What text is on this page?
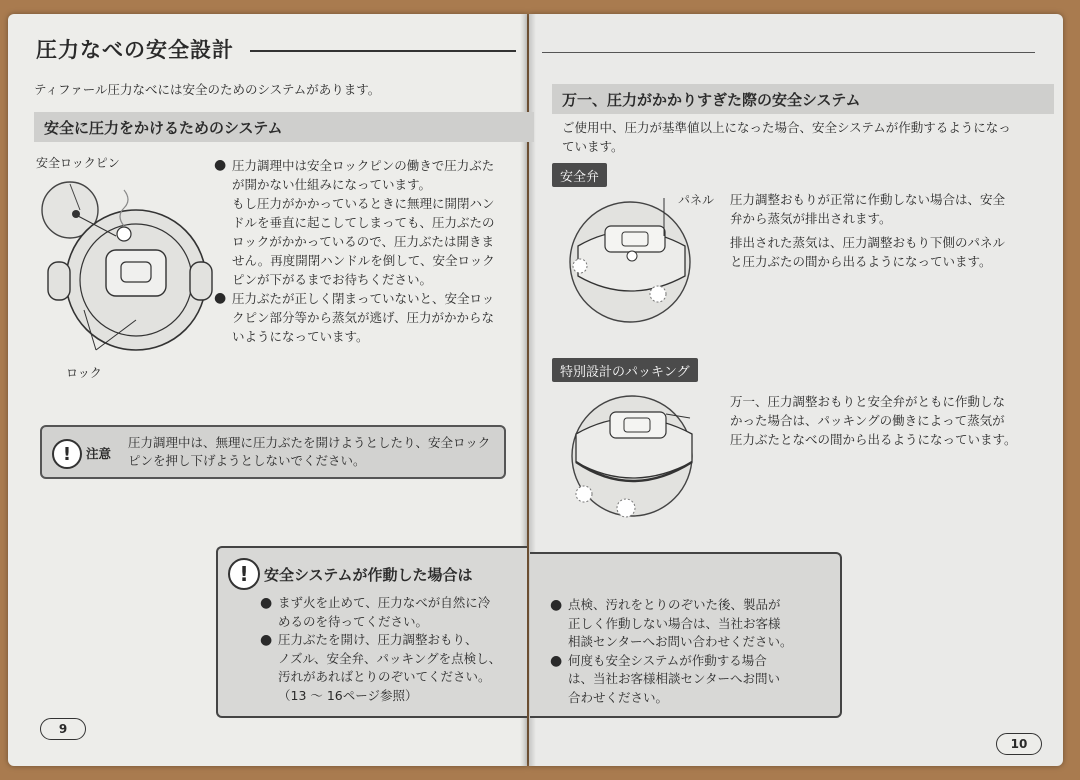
圧力なべの安全設計
ティファール圧力なべには安全のためのシステムがあります。
安全に圧力をかけるためのシステム
安全ロックピン
ロック
● 圧力調理中は安全ロックピンの働きで圧力ぶた
が開かない仕組みになっています。
もし圧力がかかっているときに無理に開閉ハン
ドルを垂直に起こしてしまっても、圧力ぶたの
ロックがかかっているので、圧力ぶたは開きま
せん。再度開閉ハンドルを倒して、安全ロック
ピンが下がるまでお待ちください。
● 圧力ぶたが正しく閉まっていないと、安全ロッ
クピン部分等から蒸気が逃げ、圧力がかからな
いようになっています。
!	注意
圧力調理中は、無理に圧力ぶたを開けようとしたり、安全ロック
ピンを押し下げようとしないでください。
9
万一、圧力がかかりすぎた際の安全システム
ご使用中、圧力が基準値以上になった場合、安全システムが作動するようになっ
ています。
安全弁
パネル 圧力調整おもりが正常に作動しない場合は、安全
弁から蒸気が排出されます。
排出された蒸気は、圧力調整おもり下側のパネル
と圧力ぶたの間から出るようになっています。
特別設計のパッキング
万一、圧力調整おもりと安全弁がともに作動しな
かった場合は、パッキングの働きによって蒸気が
圧力ぶたとなべの間から出るようになっています。
10
!	安全システムが作動した場合は
● まず火を止めて、圧力なべが自然に冷
めるのを待ってください。
● 圧力ぶたを開け、圧力調整おもり、
ノズル、安全弁、パッキングを点検し、
汚れがあればとりのぞいてください。
（13 ～ 16ページ参照）
● 点検、汚れをとりのぞいた後、製品が
正しく作動しない場合は、当社お客様
相談センターへお問い合わせください。
● 何度も安全システムが作動する場合
は、当社お客様相談センターへお問い
合わせください。
